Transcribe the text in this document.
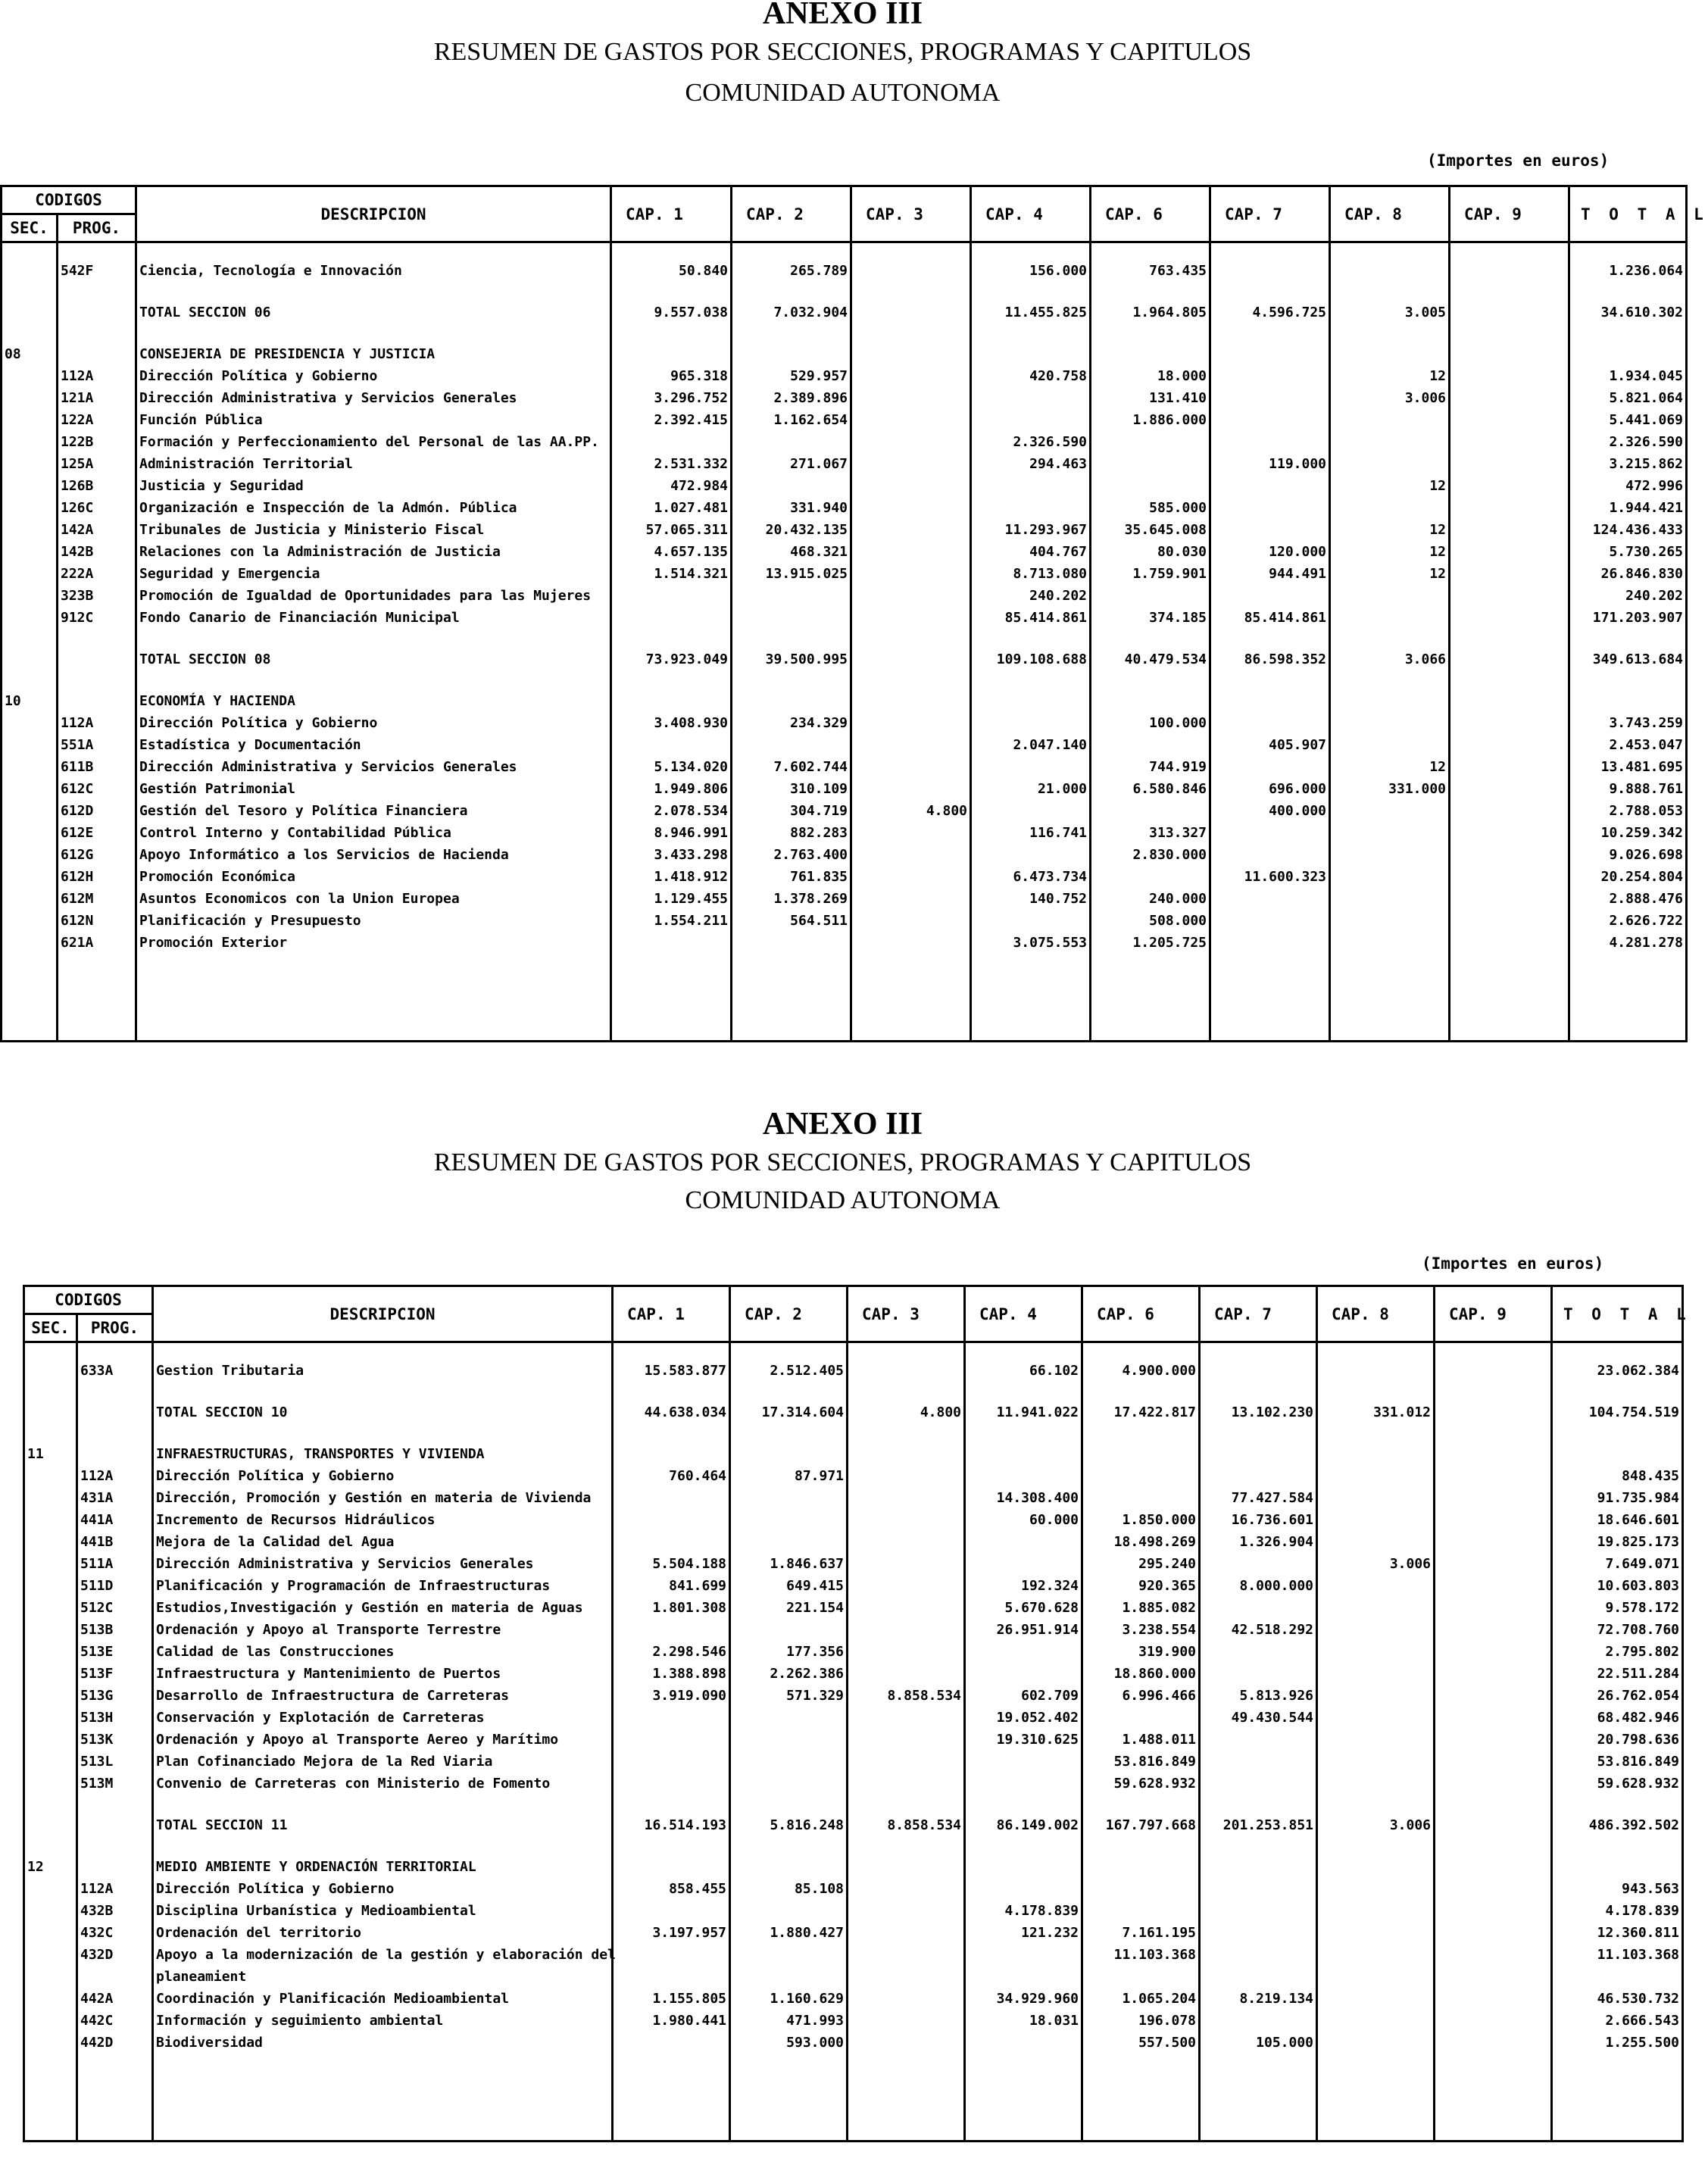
ANEXO III
RESUMEN DE GASTOS POR SECCIONES, PROGRAMAS Y CAPITULOS
COMUNIDAD AUTONOMA
(Importes en euros)
CODIGOS		DESCRIPCION	CAP. 1	CAP. 2	CAP. 3	CAP. 4	CAP. 6	CAP. 7	CAP. 8	CAP. 9	T O T A L
SEC.	PROG.										

	542F	Ciencia, Tecnología e Innovación	50.840	265.789		156.000	763.435				1.236.064

		TOTAL SECCION 06	9.557.038	7.032.904		11.455.825	1.964.805	4.596.725	3.005		34.610.302

08		CONSEJERIA DE PRESIDENCIA Y JUSTICIA									
	112A	Dirección Política y Gobierno	965.318	529.957		420.758	18.000		12		1.934.045
	121A	Dirección Administrativa y Servicios Generales	3.296.752	2.389.896			131.410		3.006		5.821.064
	122A	Función Pública	2.392.415	1.162.654			1.886.000				5.441.069
	122B	Formación y Perfeccionamiento del Personal de las AA.PP.				2.326.590					2.326.590
	125A	Administración Territorial	2.531.332	271.067		294.463		119.000			3.215.862
	126B	Justicia y Seguridad	472.984						12		472.996
	126C	Organización e Inspección de la Admón. Pública	1.027.481	331.940			585.000				1.944.421
	142A	Tribunales de Justicia y Ministerio Fiscal	57.065.311	20.432.135		11.293.967	35.645.008		12		124.436.433
	142B	Relaciones con la Administración de Justicia	4.657.135	468.321		404.767	80.030	120.000	12		5.730.265
	222A	Seguridad y Emergencia	1.514.321	13.915.025		8.713.080	1.759.901	944.491	12		26.846.830
	323B	Promoción de Igualdad de Oportunidades para las Mujeres				240.202					240.202
	912C	Fondo Canario de Financiación Municipal				85.414.861	374.185	85.414.861			171.203.907

		TOTAL SECCION 08	73.923.049	39.500.995		109.108.688	40.479.534	86.598.352	3.066		349.613.684

10		ECONOMÍA Y HACIENDA									
	112A	Dirección Política y Gobierno	3.408.930	234.329			100.000				3.743.259
	551A	Estadística y Documentación				2.047.140		405.907			2.453.047
	611B	Dirección Administrativa y Servicios Generales	5.134.020	7.602.744			744.919		12		13.481.695
	612C	Gestión Patrimonial	1.949.806	310.109		21.000	6.580.846	696.000	331.000		9.888.761
	612D	Gestión del Tesoro y Política Financiera	2.078.534	304.719	4.800			400.000			2.788.053
	612E	Control Interno y Contabilidad Pública	8.946.991	882.283		116.741	313.327				10.259.342
	612G	Apoyo Informático a los Servicios de Hacienda	3.433.298	2.763.400			2.830.000				9.026.698
	612H	Promoción Económica	1.418.912	761.835		6.473.734		11.600.323			20.254.804
	612M	Asuntos Economicos con la Union Europea	1.129.455	1.378.269		140.752	240.000				2.888.476
	612N	Planificación y Presupuesto	1.554.211	564.511			508.000				2.626.722
	621A	Promoción Exterior				3.075.553	1.205.725				4.281.278

ANEXO III
RESUMEN DE GASTOS POR SECCIONES, PROGRAMAS Y CAPITULOS
COMUNIDAD AUTONOMA
(Importes en euros)
CODIGOS		DESCRIPCION	CAP. 1	CAP. 2	CAP. 3	CAP. 4	CAP. 6	CAP. 7	CAP. 8	CAP. 9	T O T A L
SEC.	PROG.										

	633A	Gestion Tributaria	15.583.877	2.512.405		66.102	4.900.000				23.062.384

		TOTAL SECCION 10	44.638.034	17.314.604	4.800	11.941.022	17.422.817	13.102.230	331.012		104.754.519

11		INFRAESTRUCTURAS, TRANSPORTES Y VIVIENDA									
	112A	Dirección Política y Gobierno	760.464	87.971							848.435
	431A	Dirección, Promoción y Gestión en materia de Vivienda				14.308.400		77.427.584			91.735.984
	441A	Incremento de Recursos Hidráulicos				60.000	1.850.000	16.736.601			18.646.601
	441B	Mejora de la Calidad del Agua					18.498.269	1.326.904			19.825.173
	511A	Dirección Administrativa y Servicios Generales	5.504.188	1.846.637			295.240		3.006		7.649.071
	511D	Planificación y Programación de Infraestructuras	841.699	649.415		192.324	920.365	8.000.000			10.603.803
	512C	Estudios,Investigación y Gestión en materia de Aguas	1.801.308	221.154		5.670.628	1.885.082				9.578.172
	513B	Ordenación y Apoyo al Transporte Terrestre				26.951.914	3.238.554	42.518.292			72.708.760
	513E	Calidad de las Construcciones	2.298.546	177.356			319.900				2.795.802
	513F	Infraestructura y Mantenimiento de Puertos	1.388.898	2.262.386			18.860.000				22.511.284
	513G	Desarrollo de Infraestructura de Carreteras	3.919.090	571.329	8.858.534	602.709	6.996.466	5.813.926			26.762.054
	513H	Conservación y Explotación de Carreteras				19.052.402		49.430.544			68.482.946
	513K	Ordenación y Apoyo al Transporte Aereo y Marítimo				19.310.625	1.488.011				20.798.636
	513L	Plan Cofinanciado Mejora de la Red Viaria					53.816.849				53.816.849
	513M	Convenio de Carreteras con Ministerio de Fomento					59.628.932				59.628.932

		TOTAL SECCION 11	16.514.193	5.816.248	8.858.534	86.149.002	167.797.668	201.253.851	3.006		486.392.502

12		MEDIO AMBIENTE Y ORDENACIÓN TERRITORIAL									
	112A	Dirección Política y Gobierno	858.455	85.108							943.563
	432B	Disciplina Urbanística y Medioambiental				4.178.839					4.178.839
	432C	Ordenación del territorio	3.197.957	1.880.427		121.232	7.161.195				12.360.811
	432D	Apoyo a la modernización de la gestión y elaboración del					11.103.368				11.103.368
		planeamient									
	442A	Coordinación y Planificación Medioambiental	1.155.805	1.160.629		34.929.960	1.065.204	8.219.134			46.530.732
	442C	Información y seguimiento ambiental	1.980.441	471.993		18.031	196.078				2.666.543
	442D	Biodiversidad		593.000			557.500	105.000			1.255.500
